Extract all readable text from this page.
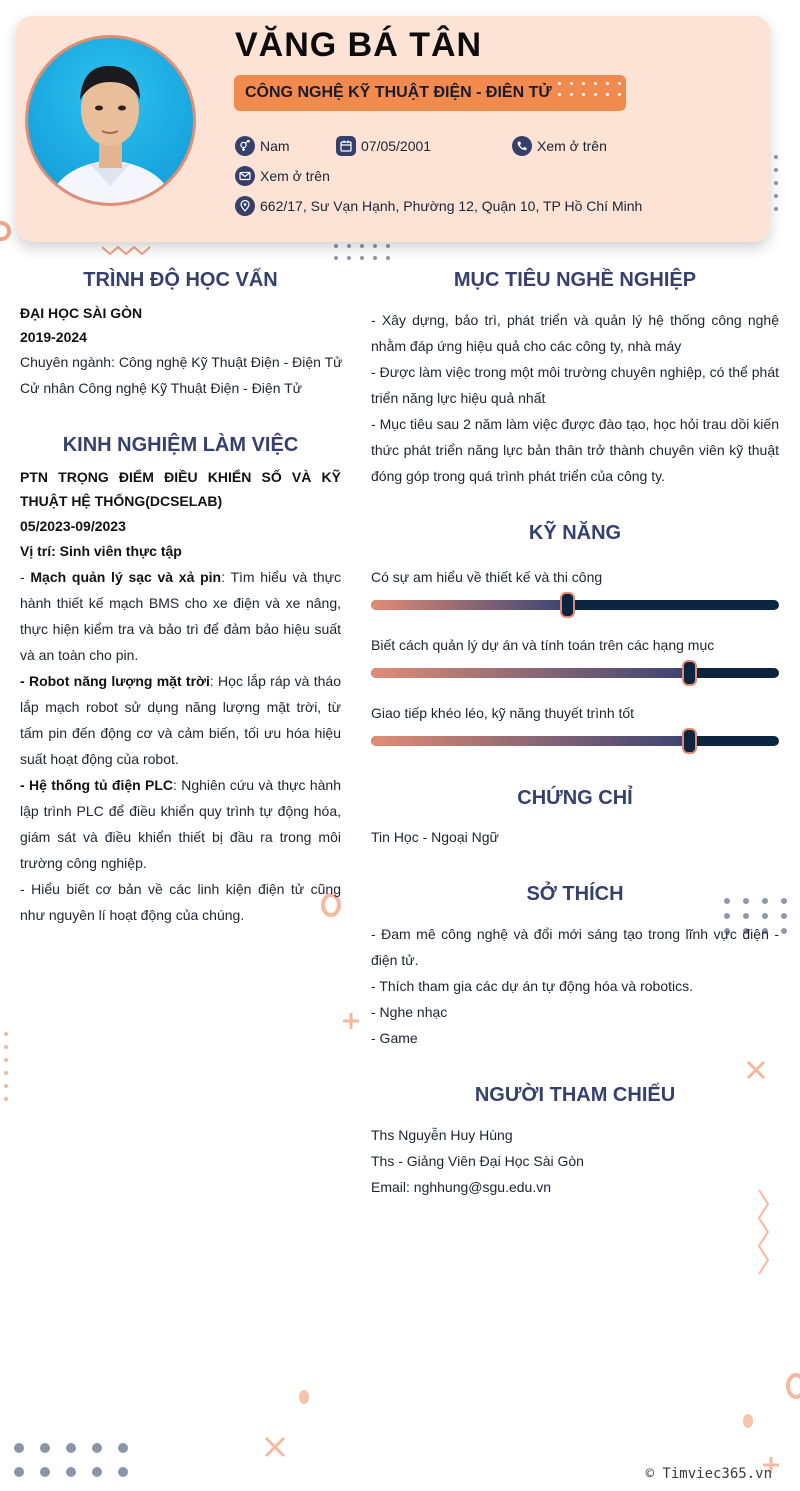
VĂNG BÁ TÂN
CÔNG NGHỆ KỸ THUẬT ĐIỆN - ĐIÊN TỬ
Nam	07/05/2001	Xem ở trên
Xem ở trên
662/17, Sư Vạn Hạnh, Phường 12, Quận 10, TP Hồ Chí Minh
TRÌNH ĐỘ HỌC VẤN
ĐẠI HỌC SÀI GÒN
2019-2024
Chuyên ngành: Công nghệ Kỹ Thuật Điện - Điện Tử
Cử nhân Công nghệ Kỹ Thuật Điện - Điện Tử
KINH NGHIỆM LÀM VIỆC
PTN TRỌNG ĐIỂM ĐIỀU KHIỂN SỐ VÀ KỸ THUẬT HỆ THỐNG(DCSELAB)
05/2023-09/2023
Vị trí: Sinh viên thực tập
- Mạch quản lý sạc và xả pin: Tìm hiểu và thực hành thiết kế mạch BMS cho xe điện và xe nâng, thực hiện kiểm tra và bảo trì để đảm bảo hiệu suất và an toàn cho pin.
- Robot năng lượng mặt trời: Học lắp ráp và tháo lắp mạch robot sử dụng năng lượng mặt trời, từ tấm pin đến động cơ và cảm biến, tối ưu hóa hiệu suất hoạt động của robot.
- Hệ thống tủ điện PLC: Nghiên cứu và thực hành lập trình PLC để điều khiển quy trình tự động hóa, giám sát và điều khiển thiết bị đầu ra trong môi trường công nghiệp.
- Hiểu biết cơ bản về các linh kiện điện tử cũng như nguyên lí hoạt động của chúng.
MỤC TIÊU NGHỀ NGHIỆP
- Xây dựng, bảo trì, phát triển và quản lý hệ thống công nghệ nhằm đáp ứng hiệu quả cho các công ty, nhà máy
- Được làm việc trong một môi trường chuyên nghiệp, có thể phát triển năng lực hiệu quả nhất
- Mục tiêu sau 2 năm làm việc được đào tạo, học hỏi trau dồi kiến thức phát triển năng lực bản thân trở thành chuyên viên kỹ thuật đóng góp trong quá trình phát triển của công ty.
KỸ NĂNG
Có sự am hiểu về thiết kế và thi công
Biết cách quản lý dự án và tính toán trên các hạng mục
Giao tiếp khéo léo, kỹ năng thuyết trình tốt
CHỨNG CHỈ
Tin Học - Ngoại Ngữ
SỞ THÍCH
- Đam mê công nghệ và đổi mới sáng tạo trong lĩnh vực điện - điện tử.
- Thích tham gia các dự án tự động hóa và robotics.
- Nghe nhạc
- Game
NGƯỜI THAM CHIẾU
Ths Nguyễn Huy Hùng
Ths - Giảng Viên Đại Học Sài Gòn
Email: nghhung@sgu.edu.vn
© Timviec365.vn
